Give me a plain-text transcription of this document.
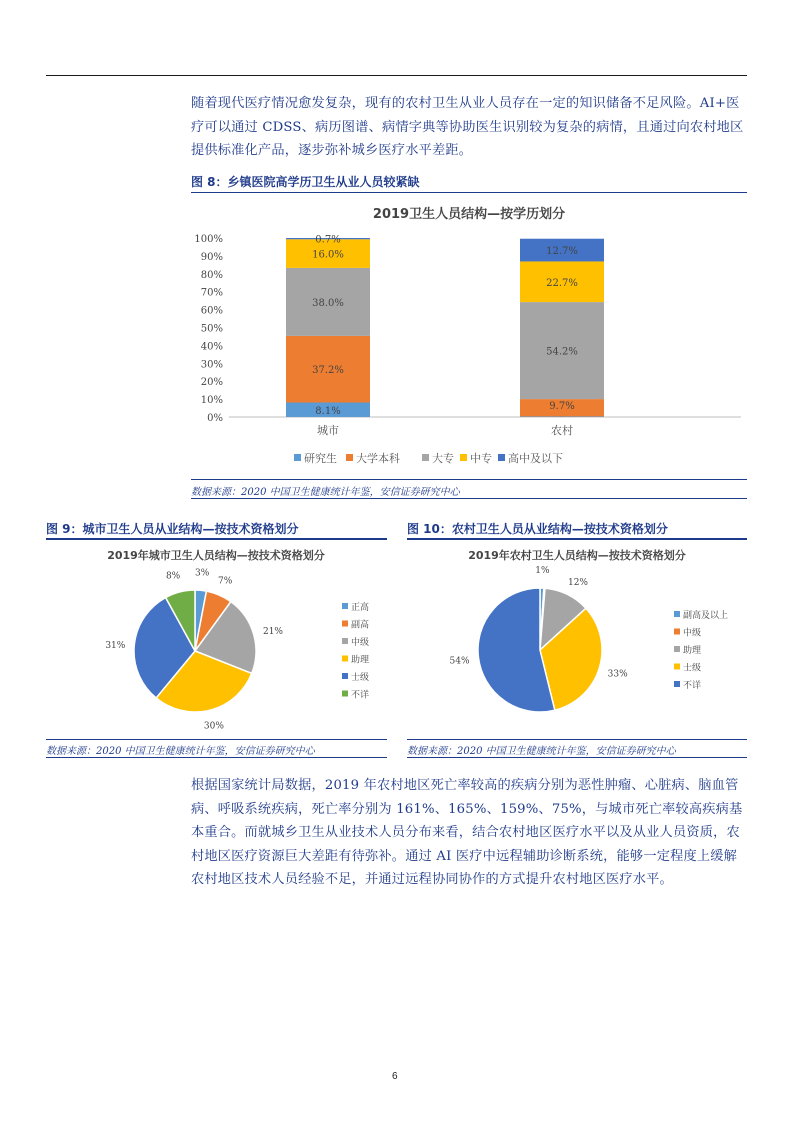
随着现代医疗情况愈发复杂，现有的农村卫生从业人员存在一定的知识储备不足风险。AI+医疗可以通过 CDSS、病历图谱、病情字典等协助医生识别较为复杂的病情，且通过向农村地区提供标准化产品，逐步弥补城乡医疗水平差距。
图 8：乡镇医院高学历卫生从业人员较紧缺
2019卫生人员结构—按学历划分
0%
10%
20%
30%
40%
50%
60%
70%
80%
90%
100%
8.1%
37.2%
38.0%
16.0%
0.7%
城市
9.7%
54.2%
22.7%
12.7%
农村
研究生 大学本科	大专 中专 高中及以下
数据来源：2020 中国卫生健康统计年鉴，安信证券研究中心
图 9：城市卫生人员从业结构—按技术资格划分
2019年城市卫生人员结构—按技术资格划分
3%
7%
21%
30%
31%
8%
正高
副高
中级
助理
士级
不详
数据来源：2020 中国卫生健康统计年鉴，安信证券研究中心
图 10：农村卫生人员从业结构—按技术资格划分
2019年农村卫生人员结构—按技术资格划分
1%
12%
33%
54%
副高及以上
中级
助理
士级
不详
数据来源：2020 中国卫生健康统计年鉴，安信证券研究中心
根据国家统计局数据，2019 年农村地区死亡率较高的疾病分别为恶性肿瘤、心脏病、脑血管病、呼吸系统疾病，死亡率分别为 161%、165%、159%、75%，与城市死亡率较高疾病基本重合。而就城乡卫生从业技术人员分布来看，结合农村地区医疗水平以及从业人员资质，农村地区医疗资源巨大差距有待弥补。通过 AI 医疗中远程辅助诊断系统，能够一定程度上缓解农村地区技术人员经验不足，并通过远程协同协作的方式提升农村地区医疗水平。
6
